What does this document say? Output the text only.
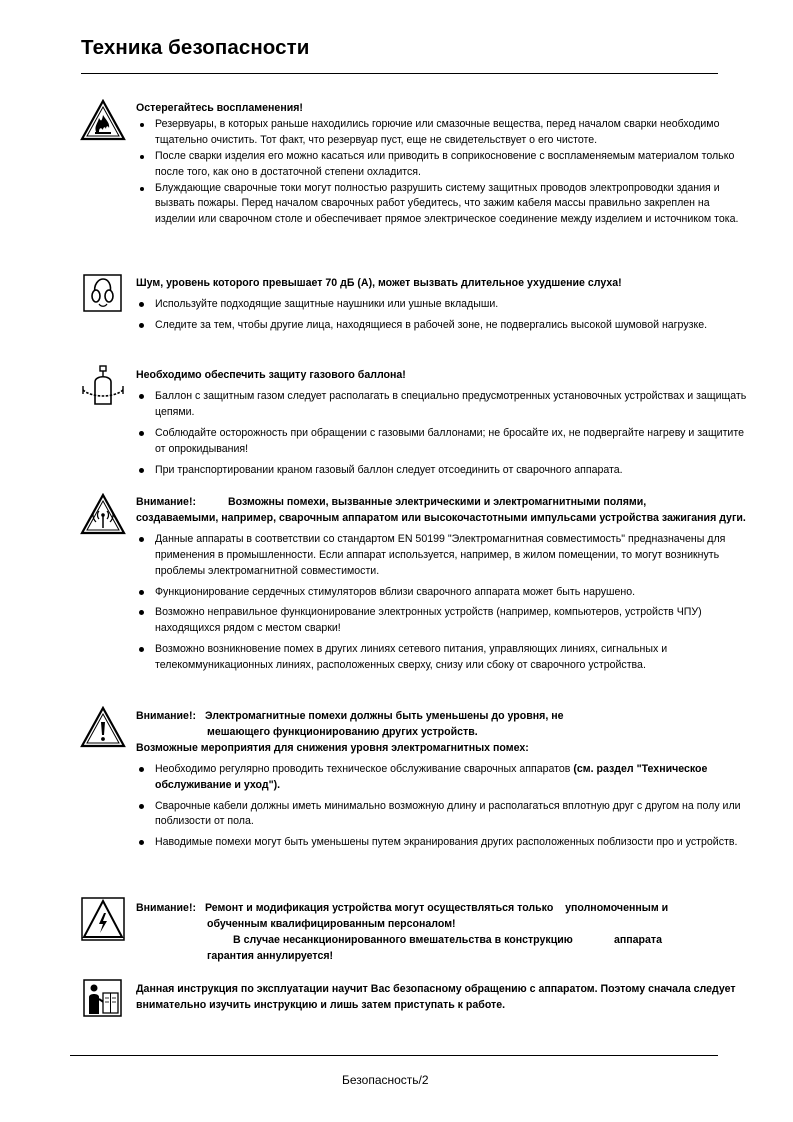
Техника безопасности
Остерегайтесь воспламенения!
Резервуары, в которых раньше находились горючие или смазочные вещества, перед началом сварки необходимо тщательно очистить. Тот факт, что резервуар пуст, еще не свидетельствует о его чистоте.
После сварки изделия его можно касаться или приводить в соприкосновение с воспламеняемым материалом только после того, как оно в достаточной степени охладится.
Блуждающие сварочные токи могут полностью разрушить систему защитных проводов электропроводки здания и вызвать пожары. Перед началом сварочных работ убедитесь, что зажим кабеля массы правильно закреплен на изделии или сварочном столе и обеспечивает прямое электрическое соединение между изделием и источником тока.
Шум, уровень которого превышает 70 дБ (А), может вызвать длительное ухудшение слуха!
Используйте подходящие защитные наушники или ушные вкладыши.
Следите за тем, чтобы другие лица, находящиеся в рабочей зоне, не подвергались высокой шумовой нагрузке.
Необходимо обеспечить защиту газового баллона!
Баллон с защитным газом следует располагать в специально предусмотренных установочных устройствах и защищать цепями.
Соблюдайте осторожность при обращении с газовыми баллонами; не бросайте их, не подвергайте нагреву и защитите от опрокидывания!
При транспортировании краном газовый баллон следует отсоединить от сварочного аппарата.
Внимание!:	Возможны помехи, вызванные электрическими и электромагнитными полями,
создаваемыми, например, сварочным аппаратом или высокочастотными импульсами устройства зажигания дуги.
Данные аппараты в соответствии со стандартом EN 50199 "Электромагнитная совместимость" предназначены для применения в промышленности. Если аппарат используется, например, в жилом помещении, то могут возникнуть проблемы электромагнитной совместимости.
Функционирование сердечных стимуляторов вблизи сварочного аппарата может быть нарушено.
Возможно неправильное функционирование электронных устройств (например, компьютеров, устройств ЧПУ) находящихся рядом с местом сварки!
Возможно возникновение помех в других линиях сетевого питания, управляющих линиях, сигнальных и телекоммуникационных линиях, расположенных сверху, снизу или сбоку от сварочного устройства.
Внимание!: Электромагнитные помехи должны быть уменьшены до уровня, не
мешающего функционированию других устройств.
Возможные мероприятия для снижения уровня электромагнитных помех:
Необходимо регулярно проводить техническое обслуживание сварочных аппаратов (см. раздел "Техническое обслуживание и уход").
Сварочные кабели должны иметь минимально возможную длину и располагаться вплотную друг с другом на полу или поблизости от пола.
Наводимые помехи могут быть уменьшены путем экранирования других расположенных поблизости про и устройств.
Внимание!: Ремонт и модификация устройства могут осуществляться только    уполномоченным и
обученным квалифицированным персоналом!
В случае несанкционированного вмешательства в конструкцию              аппарата
гарантия аннулируется!
Данная инструкция по эксплуатации научит Вас безопасному обращению с аппаратом. Поэтому сначала следует внимательно изучить инструкцию и лишь затем приступать к работе.
Безопасность/2
